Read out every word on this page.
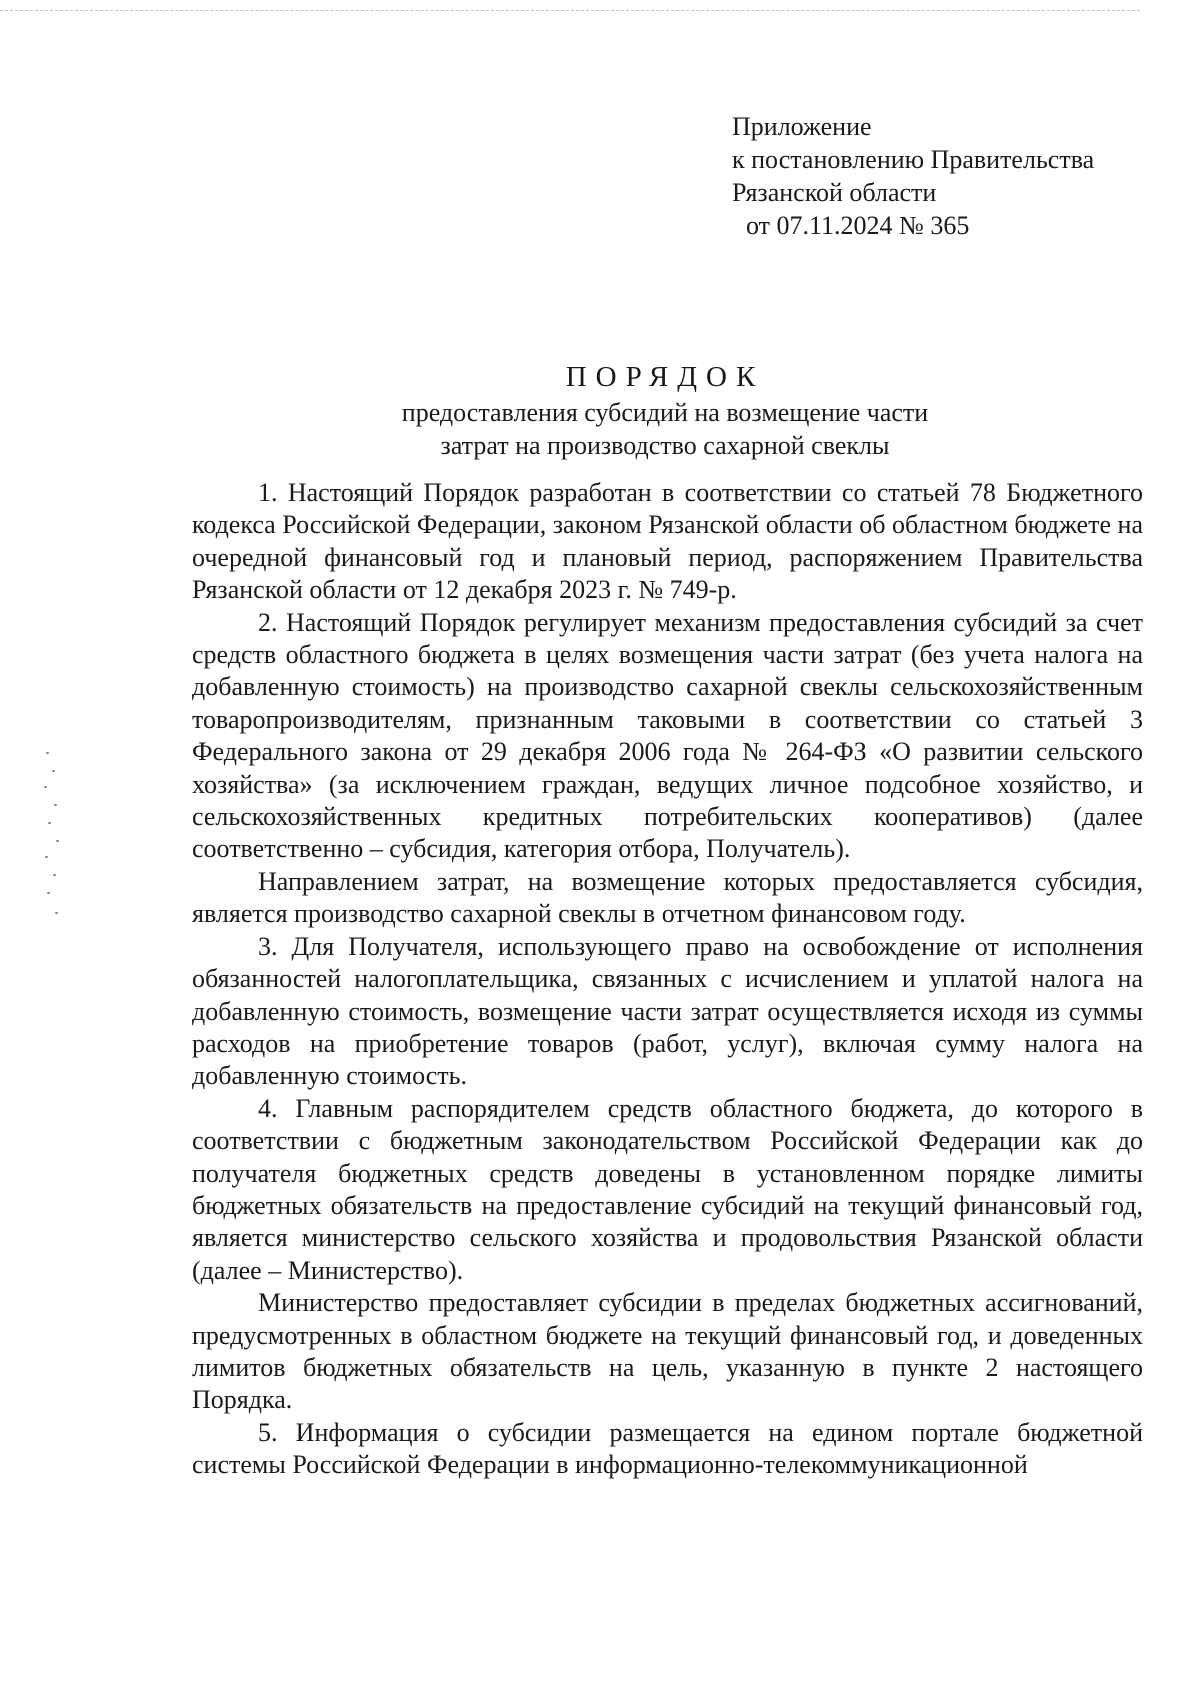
Приложение
к постановлению Правительства
Рязанской области
от 07.11.2024 № 365
ПОРЯДОК
предоставления субсидий на возмещение части
затрат на производство сахарной свеклы

1. Настоящий Порядок разработан в соответствии со статьей 78 Бюджетного кодекса Российской Федерации, законом Рязанской области об областном бюджете на очередной финансовый год и плановый период, распоряжением Правительства Рязанской области от 12 декабря 2023 г. № 749-р.

2. Настоящий Порядок регулирует механизм предоставления субсидий за счет средств областного бюджета в целях возмещения части затрат (без учета налога на добавленную стоимость) на производство сахарной свеклы сельскохозяйственным товаропроизводителям, признанным таковыми в соответствии со статьей 3 Федерального закона от 29 декабря 2006 года № 264-ФЗ «О развитии сельского хозяйства» (за исключением граждан, ведущих личное подсобное хозяйство, и сельскохозяйственных кредитных потребительских кооперативов) (далее соответственно – субсидия, категория отбора, Получатель).

Направлением затрат, на возмещение которых предоставляется субсидия, является производство сахарной свеклы в отчетном финансовом году.

3. Для Получателя, использующего право на освобождение от исполнения обязанностей налогоплательщика, связанных с исчислением и уплатой налога на добавленную стоимость, возмещение части затрат осуществляется исходя из суммы расходов на приобретение товаров (работ, услуг), включая сумму налога на добавленную стоимость.

4. Главным распорядителем средств областного бюджета, до которого в соответствии с бюджетным законодательством Российской Федерации как до получателя бюджетных средств доведены в установленном порядке лимиты бюджетных обязательств на предоставление субсидий на текущий финансовый год, является министерство сельского хозяйства и продовольствия Рязанской области (далее – Министерство).

Министерство предоставляет субсидии в пределах бюджетных ассигнований, предусмотренных в областном бюджете на текущий финансовый год, и доведенных лимитов бюджетных обязательств на цель, указанную в пункте 2 настоящего Порядка.

5. Информация о субсидии размещается на едином портале бюджетной системы Российской Федерации в информационно-телекоммуникационной
